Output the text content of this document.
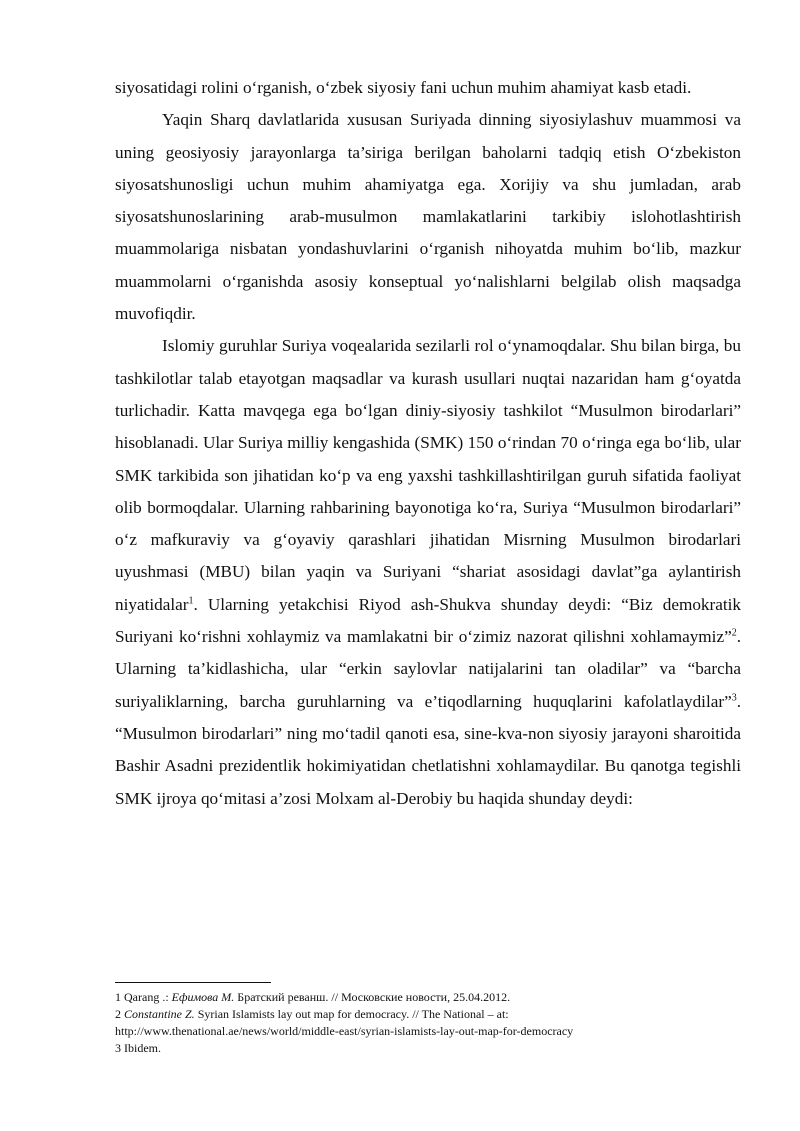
siyosatidagi rolini o‘rganish, o‘zbek siyosiy fani uchun muhim ahamiyat kasb etadi.

Yaqin Sharq davlatlarida xususan Suriyada dinning siyosiylashuv muammosi va uning geosiyosiy jarayonlarga ta’siriga berilgan baholarni tadqiq etish O‘zbekiston siyosatshunosligi uchun muhim ahamiyatga ega. Xorijiy va shu jumladan, arab siyosatshunoslarining arab-musulmon mamlakatlarini tarkibiy islohotlashtirish muammolariga nisbatan yondashuvlarini o‘rganish nihoyatda muhim bo‘lib, mazkur muammolarni o‘rganishda asosiy konseptual yo‘nalishlarni belgilab olish maqsadga muvofiqdir.

Islomiy guruhlar Suriya voqealarida sezilarli rol o‘ynamoqdalar. Shu bilan birga, bu tashkilotlar talab etayotgan maqsadlar va kurash usullari nuqtai nazaridan ham g‘oyatda turlichadir. Katta mavqega ega bo‘lgan diniy-siyosiy tashkilot “Musulmon birodarlari” hisoblanadi. Ular Suriya milliy kengashida (SMK) 150 o‘rindan 70 o‘ringa ega bo‘lib, ular SMK tarkibida son jihatidan ko‘p va eng yaxshi tashkillashtirilgan guruh sifatida faoliyat olib bormoqdalar. Ularning rahbarining bayonotiga ko‘ra, Suriya “Musulmon birodarlari” o‘z mafkuraviy va g‘oyaviy qarashlari jihatidan Misrning Musulmon birodarlari uyushmasi (MBU) bilan yaqin va Suriyani “shariat asosidagi davlat”ga aylantirish niyatidalar$^1$. Ularning yetakchisi Riyod ash-Shukva shunday deydi: “Biz demokratik Suriyani ko‘rishni xohlaymiz va mamlakatni bir o‘zimiz nazorat qilishni xohlamaymiz”$^2$. Ularning ta’kidlashicha, ular “erkin saylovlar natijalarini tan oladilar” va “barcha suriyaliklarning, barcha guruhlarning va e’tiqodlarning huquqlarini kafolatlaydilar”$^3$. “Musulmon birodarlari” ning mo‘tadil qanoti esa, sine-kva-non siyosiy jarayoni sharoitida Bashir Asadni prezidentlik hokimiyatidan chetlatishni xohlamaydilar. Bu qanotga tegishli SMK ijroya qo‘mitasi a’zosi Molxam al-Derobiy bu haqida shunday deydi:

1 Qarang .: Ефимова М. Братский реванш. // Московские новости, 25.04.2012.

2 Constantine Z. Syrian Islamists lay out map for democracy. // The National – at:

http://www.thenational.ae/news/world/middle-east/syrian-islamists-lay-out-map-for-democracy

3 Ibidem.
